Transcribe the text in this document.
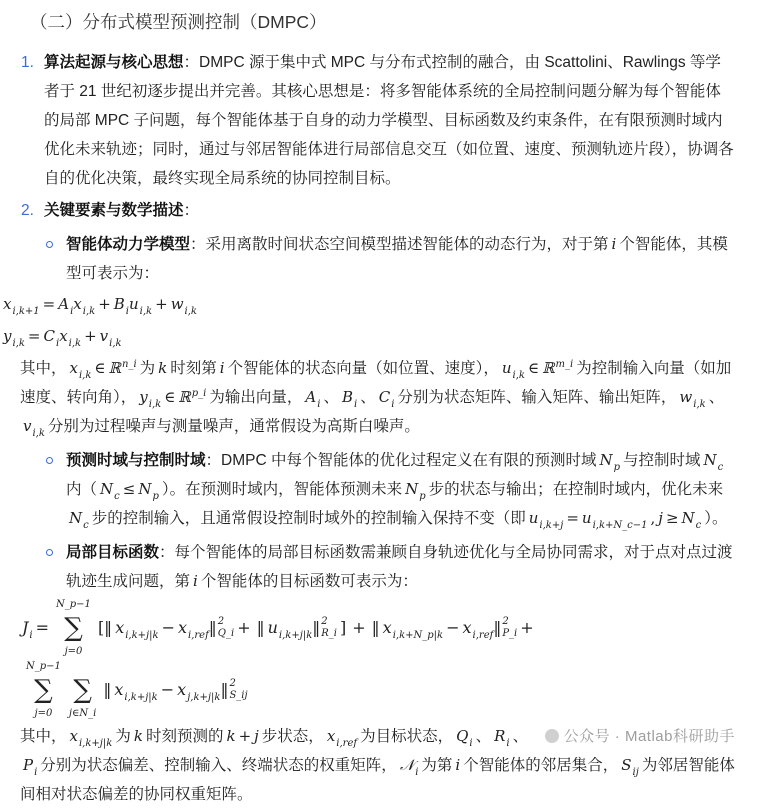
（二）分布式模型预测控制（DMPC）
1. 算法起源与核心思想：DMPC 源于集中式 MPC 与分布式控制的融合，由 Scattolini、Rawlings 等学者于 21 世纪初逐步提出并完善。其核心思想是：将多智能体系统的全局控制问题分解为每个智能体的局部 MPC 子问题，每个智能体基于自身的动力学模型、目标函数及约束条件，在有限预测时域内优化未来轨迹；同时，通过与邻居智能体进行局部信息交互（如位置、速度、预测轨迹片段），协调各自的优化决策，最终实现全局系统的协同控制目标。
2. 关键要素与数学描述：
智能体动力学模型：采用离散时间状态空间模型描述智能体的动态行为，对于第 i 个智能体，其模型可表示为：
x i,k+1 = A i x i,k + B i u i,k + w i,k
y i,k = C i x i,k + v i,k
其中， x i,k ∈ ℝ n_i 为 k 时刻第 i 个智能体的状态向量（如位置、速度）， u i,k ∈ ℝ m_i 为控制输入向量（如加速度、转向角）， y i,k ∈ ℝ p_i 为输出向量， A i 、 B i 、 C i 分别为状态矩阵、输入矩阵、输出矩阵， w i,k 、v i,k 分别为过程噪声与测量噪声，通常假设为高斯白噪声。
预测时域与控制时域：DMPC 中每个智能体的优化过程定义在有限的预测时域 N p 与控制时域 N c
内（ N c ≤ N p ）。在预测时域内，智能体预测未来 N p 步的状态与输出；在控制时域内，优化未来N c 步的控制输入，且通常假设控制时域外的控制输入保持不变（即 u i,k+j = u i,k+N_c−1 , j ≥ N c ）。
局部目标函数：每个智能体的局部目标函数需兼顾自身轨迹优化与全局协同需求，对于点对点过渡轨迹生成问题，第 i 个智能体的目标函数可表示为：
J i =
N_p−1
∑
j=0
[‖ x i,k+j|k − x i,ref ‖ 2
Q_i + ‖ u i,k+j|k ‖ 2
R_i ] + ‖ x i,k+N_p|k − x i,ref ‖ 2
P_i +
N_p−1
∑
j=0
∑
j∈N_i
‖ x i,k+j|k − x j,k+j|k ‖ 2
S_ij
公众号 · Matlab科研助手
其中， x i,k+j|k 为 k 时刻预测的 k + j 步状态， x i,ref 为目标状态， Q i 、 R i 、P i 分别为状态偏差、控制输入、终端状态的权重矩阵， 𝒩 i 为第 i 个智能体的邻居集合， S ij 为邻居智能体间相对状态偏差的协同权重矩阵。
